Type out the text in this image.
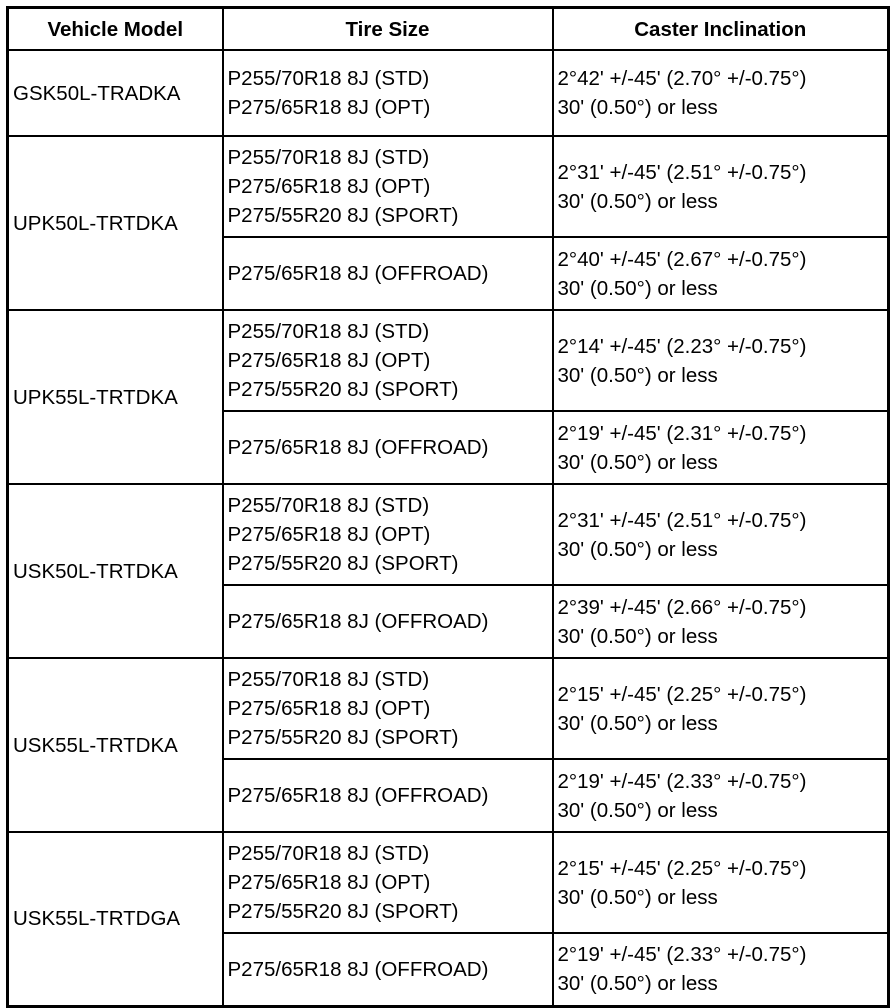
Vehicle Model	Tire Size	Caster Inclination
GSK50L-TRADKA	P255/70R18 8J (STD)
P275/65R18 8J (OPT)	2°42' +/-45' (2.70° +/-0.75°)
30' (0.50°) or less

UPK50L-TRTDKA	P255/70R18 8J (STD)
P275/65R18 8J (OPT)
P275/55R20 8J (SPORT)	2°31' +/-45' (2.51° +/-0.75°)
30' (0.50°) or less

	P275/65R18 8J (OFFROAD)	2°40' +/-45' (2.67° +/-0.75°)
30' (0.50°) or less

UPK55L-TRTDKA	P255/70R18 8J (STD)
P275/65R18 8J (OPT)
P275/55R20 8J (SPORT)	2°14' +/-45' (2.23° +/-0.75°)
30' (0.50°) or less

	P275/65R18 8J (OFFROAD)	2°19' +/-45' (2.31° +/-0.75°)
30' (0.50°) or less

USK50L-TRTDKA	P255/70R18 8J (STD)
P275/65R18 8J (OPT)
P275/55R20 8J (SPORT)	2°31' +/-45' (2.51° +/-0.75°)
30' (0.50°) or less

	P275/65R18 8J (OFFROAD)	2°39' +/-45' (2.66° +/-0.75°)
30' (0.50°) or less

USK55L-TRTDKA	P255/70R18 8J (STD)
P275/65R18 8J (OPT)
P275/55R20 8J (SPORT)	2°15' +/-45' (2.25° +/-0.75°)
30' (0.50°) or less

	P275/65R18 8J (OFFROAD)	2°19' +/-45' (2.33° +/-0.75°)
30' (0.50°) or less

USK55L-TRTDGA	P255/70R18 8J (STD)
P275/65R18 8J (OPT)
P275/55R20 8J (SPORT)	2°15' +/-45' (2.25° +/-0.75°)
30' (0.50°) or less

	P275/65R18 8J (OFFROAD)	2°19' +/-45' (2.33° +/-0.75°)
30' (0.50°) or less
